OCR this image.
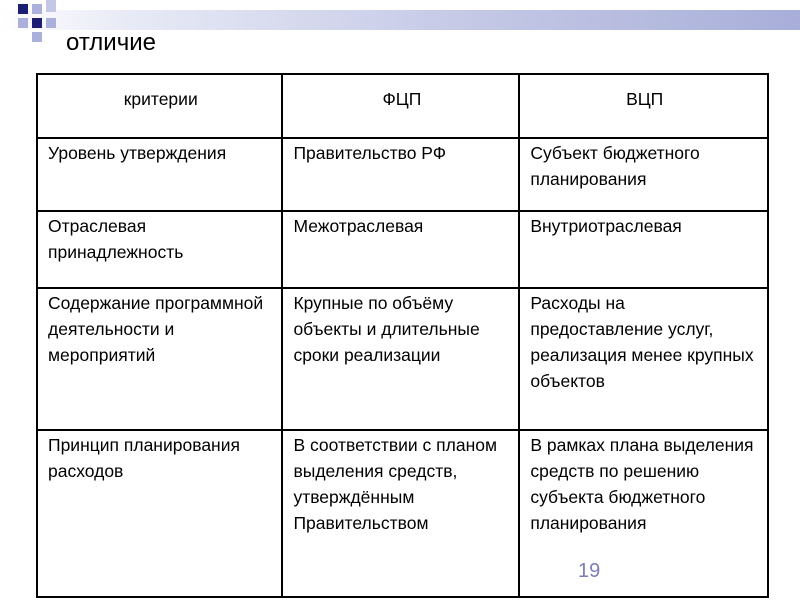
отличие
критерии	ФЦП	ВЦП
Уровень утверждения	Правительство РФ	Субъект бюджетного планирования
Отраслевая принадлежность	Межотраслевая	Внутриотраслевая
Содержание программной деятельности и мероприятий	Крупные по объёму объекты и длительные сроки реализации	Расходы на предоставление услуг, реализация менее крупных объектов
Принцип планирования расходов	В соответствии с планом выделения средств, утверждённым Правительством	В рамках плана выделения средств по решению субъекта бюджетного планирования
19
